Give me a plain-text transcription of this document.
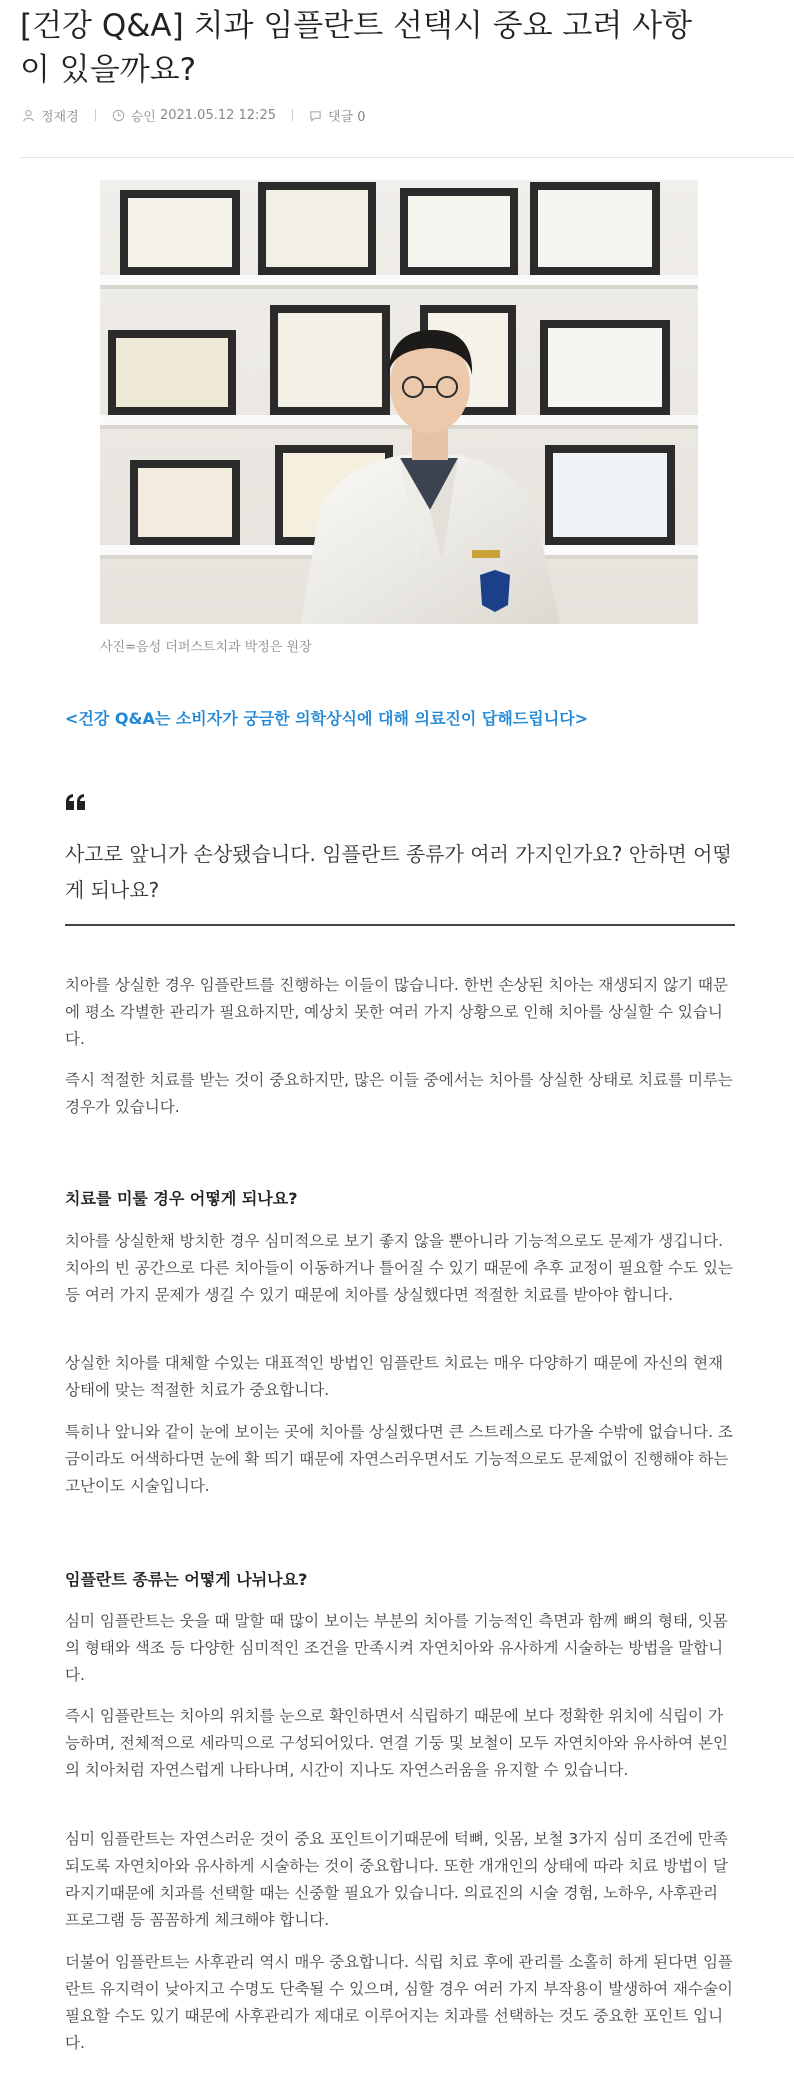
[건강 Q&A] 치과 임플란트 선택시 중요 고려 사항이 있을까요?
정재경	승인
2021.05.12 12:25	댓글 0
사진=음성 더퍼스트치과 박정은 원장
<건강 Q&A는 소비자가 궁금한 의학상식에 대해 의료진이 답해드립니다>
사고로 앞니가 손상됐습니다. 임플란트 종류가 여러 가지인가요? 안하면 어떻게 되나요?

치아를 상실한 경우 임플란트를 진행하는 이들이 많습니다. 한번 손상된 치아는 재생되지 않기 때문에 평소 각별한 관리가 필요하지만, 예상치 못한 여러 가지 상황으로 인해 치아를 상실할 수 있습니다.

즉시 적절한 치료를 받는 것이 중요하지만, 많은 이들 중에서는 치아를 상실한 상태로 치료를 미루는 경우가 있습니다.

치료를 미룰 경우 어떻게 되나요?

치아를 상실한채 방치한 경우 심미적으로 보기 좋지 않을 뿐아니라 기능적으로도 문제가 생깁니다. 치아의 빈 공간으로 다른 치아들이 이동하거나 틀어질 수 있기 때문에 추후 교정이 필요할 수도 있는 등 여러 가지 문제가 생길 수 있기 때문에 치아를 상실했다면 적절한 치료를 받아야 합니다.

상실한 치아를 대체할 수있는 대표적인 방법인 임플란트 치료는 매우 다양하기 때문에 자신의 현재 상태에 맞는 적절한 치료가 중요합니다.

특히나 앞니와 같이 눈에 보이는 곳에 치아를 상실했다면 큰 스트레스로 다가올 수밖에 없습니다. 조금이라도 어색하다면 눈에 확 띄기 때문에 자연스러우면서도 기능적으로도 문제없이 진행해야 하는 고난이도 시술입니다.

임플란트 종류는 어떻게 나뉘나요?

심미 임플란트는 웃을 때 말할 때 많이 보이는 부분의 치아를 기능적인 측면과 함께 뼈의 형태, 잇몸의 형태와 색조 등 다양한 심미적인 조건을 만족시켜 자연치아와 유사하게 시술하는 방법을 말합니다.

즉시 임플란트는 치아의 위치를 눈으로 확인하면서 식립하기 때문에 보다 정확한 위치에 식립이 가능하며, 전체적으로 세라믹으로 구성되어있다. 연결 기둥 및 보철이 모두 자연치아와 유사하여 본인의 치아처럼 자연스럽게 나타나며, 시간이 지나도 자연스러움을 유지할 수 있습니다.

심미 임플란트는 자연스러운 것이 중요 포인트이기때문에 턱뼈, 잇몸, 보철 3가지 심미 조건에 만족되도록 자연치아와 유사하게 시술하는 것이 중요합니다. 또한 개개인의 상태에 따라 치료 방법이 달라지기때문에 치과를 선택할 때는 신중할 필요가 있습니다. 의료진의 시술 경험, 노하우, 사후관리 프로그램 등 꼼꼼하게 체크해야 합니다.

더불어 임플란트는 사후관리 역시 매우 중요합니다. 식립 치료 후에 관리를 소홀히 하게 된다면 임플란트 유지력이 낮아지고 수명도 단축될 수 있으며, 심할 경우 여러 가지 부작용이 발생하여 재수술이 필요할 수도 있기 때문에 사후관리가 제대로 이루어지는 치과를 선택하는 것도 중요한 포인트 입니다.
